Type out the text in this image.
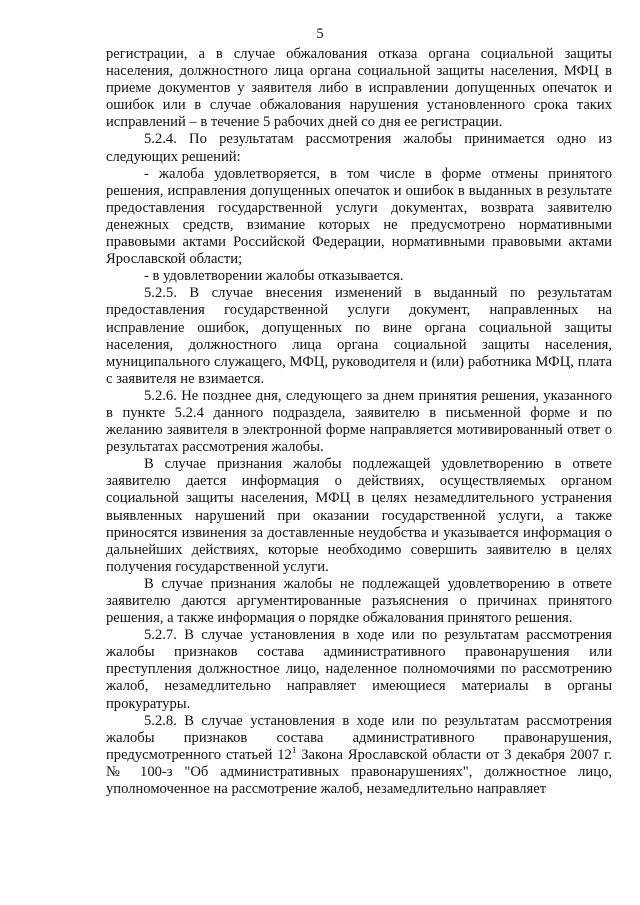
5

регистрации, а в случае обжалования отказа органа социальной защиты населения, должностного лица органа социальной защиты населения, МФЦ в приеме документов у заявителя либо в исправлении допущенных опечаток и ошибок или в случае обжалования нарушения установленного срока таких исправлений – в течение 5 рабочих дней со дня ее регистрации.

5.2.4. По результатам рассмотрения жалобы принимается одно из следующих решений:

- жалоба удовлетворяется, в том числе в форме отмены принятого решения, исправления допущенных опечаток и ошибок в выданных в результате предоставления государственной услуги документах, возврата заявителю денежных средств, взимание которых не предусмотрено нормативными правовыми актами Российской Федерации, нормативными правовыми актами Ярославской области;

- в удовлетворении жалобы отказывается.

5.2.5. В случае внесения изменений в выданный по результатам предоставления государственной услуги документ, направленных на исправление ошибок, допущенных по вине органа социальной защиты населения, должностного лица органа социальной защиты населения, муниципального служащего, МФЦ, руководителя и (или) работника МФЦ, плата с заявителя не взимается.

5.2.6. Не позднее дня, следующего за днем принятия решения, указанного в пункте 5.2.4 данного подраздела, заявителю в письменной форме и по желанию заявителя в электронной форме направляется мотивированный ответ о результатах рассмотрения жалобы.

В случае признания жалобы подлежащей удовлетворению в ответе заявителю дается информация о действиях, осуществляемых органом социальной защиты населения, МФЦ в целях незамедлительного устранения выявленных нарушений при оказании государственной услуги, а также приносятся извинения за доставленные неудобства и указывается информация о дальнейших действиях, которые необходимо совершить заявителю в целях получения государственной услуги.

В случае признания жалобы не подлежащей удовлетворению в ответе заявителю даются аргументированные разъяснения о причинах принятого решения, а также информация о порядке обжалования принятого решения.

5.2.7. В случае установления в ходе или по результатам рассмотрения жалобы признаков состава административного правонарушения или преступления должностное лицо, наделенное полномочиями по рассмотрению жалоб, незамедлительно направляет имеющиеся материалы в органы прокуратуры.

5.2.8. В случае установления в ходе или по результатам рассмотрения жалобы признаков состава административного правонарушения, предусмотренного статьей $12^1$ Закона Ярославской области от 3 декабря 2007 г. № 100-з "Об административных правонарушениях", должностное лицо, уполномоченное на рассмотрение жалоб, незамедлительно направляет
